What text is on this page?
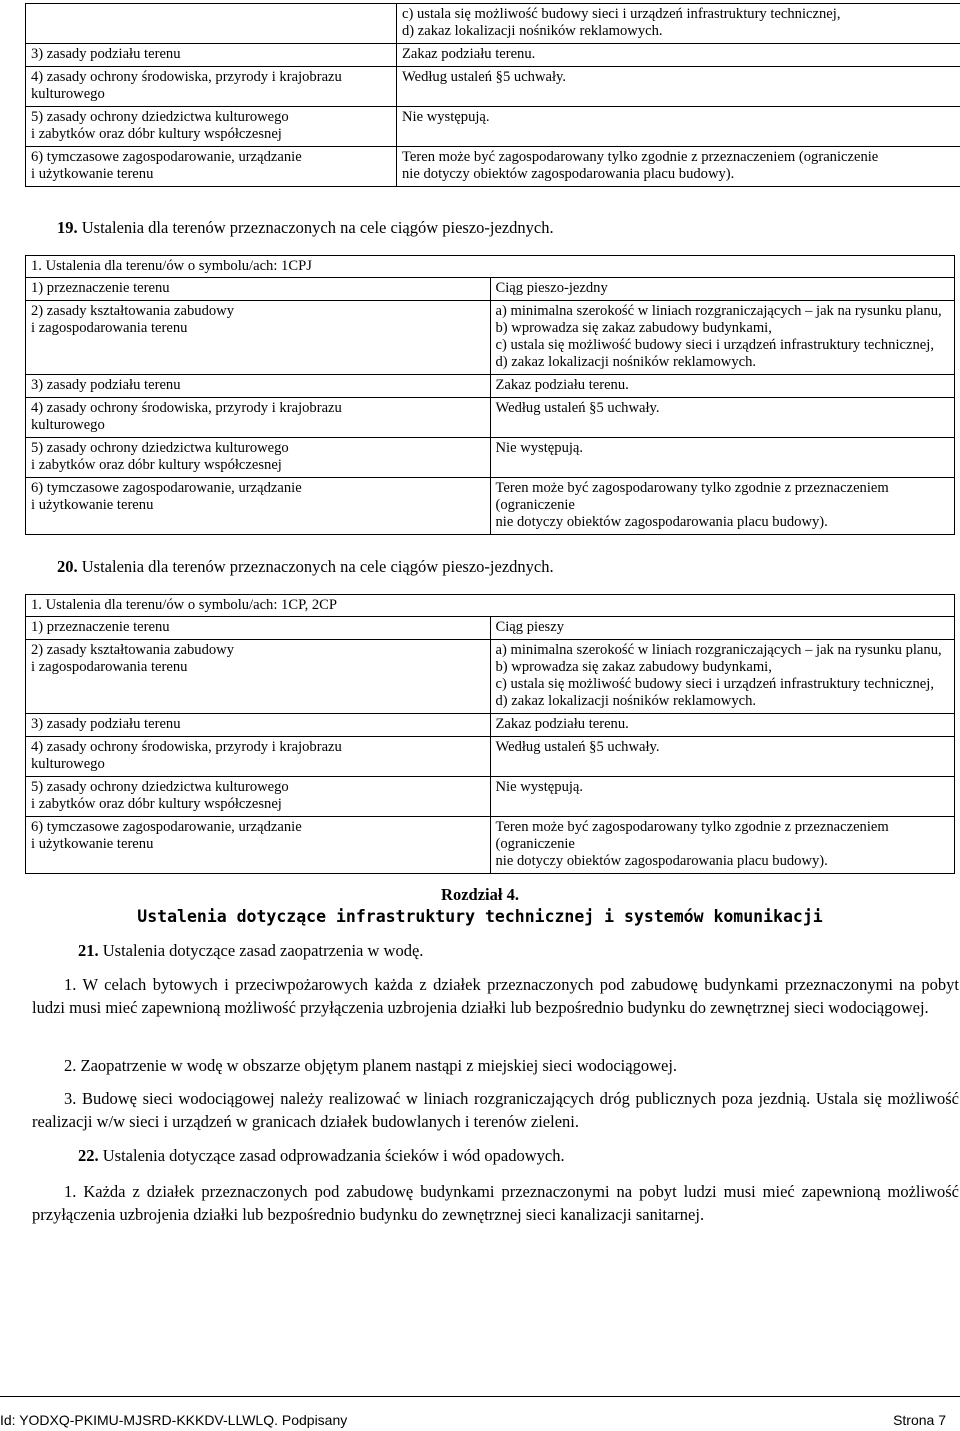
	c) ustala się możliwość budowy sieci i urządzeń infrastruktury technicznej,
d) zakaz lokalizacji nośników reklamowych.

3) zasady podziału terenu	Zakaz podziału terenu.

4) zasady ochrony środowiska, przyrody i krajobrazu
kulturowego	Według ustaleń §5 uchwały.

5) zasady ochrony dziedzictwa kulturowego
i zabytków oraz dóbr kultury współczesnej	Nie występują.

6) tymczasowe zagospodarowanie, urządzanie
i użytkowanie terenu	Teren może być zagospodarowany tylko zgodnie z przeznaczeniem (ograniczenie
nie dotyczy obiektów zagospodarowania placu budowy).
19. Ustalenia dla terenów przeznaczonych na cele ciągów pieszo-jezdnych.
1. Ustalenia dla terenu/ów o symbolu/ach: 1CPJ	
1) przeznaczenie terenu	Ciąg pieszo-jezdny

2) zasady kształtowania zabudowy
i zagospodarowania terenu	a) minimalna szerokość w liniach rozgraniczających – jak na rysunku planu,
b) wprowadza się zakaz zabudowy budynkami,
c) ustala się możliwość budowy sieci i urządzeń infrastruktury technicznej,
d) zakaz lokalizacji nośników reklamowych.

3) zasady podziału terenu	Zakaz podziału terenu.

4) zasady ochrony środowiska, przyrody i krajobrazu
kulturowego	Według ustaleń §5 uchwały.

5) zasady ochrony dziedzictwa kulturowego
i zabytków oraz dóbr kultury współczesnej	Nie występują.

6) tymczasowe zagospodarowanie, urządzanie
i użytkowanie terenu	Teren może być zagospodarowany tylko zgodnie z przeznaczeniem (ograniczenie
nie dotyczy obiektów zagospodarowania placu budowy).
20. Ustalenia dla terenów przeznaczonych na cele ciągów pieszo-jezdnych.
1. Ustalenia dla terenu/ów o symbolu/ach: 1CP, 2CP	
1) przeznaczenie terenu	Ciąg pieszy

2) zasady kształtowania zabudowy
i zagospodarowania terenu	a) minimalna szerokość w liniach rozgraniczających – jak na rysunku planu,
b) wprowadza się zakaz zabudowy budynkami,
c) ustala się możliwość budowy sieci i urządzeń infrastruktury technicznej,
d) zakaz lokalizacji nośników reklamowych.

3) zasady podziału terenu	Zakaz podziału terenu.

4) zasady ochrony środowiska, przyrody i krajobrazu
kulturowego	Według ustaleń §5 uchwały.

5) zasady ochrony dziedzictwa kulturowego
i zabytków oraz dóbr kultury współczesnej	Nie występują.

6) tymczasowe zagospodarowanie, urządzanie
i użytkowanie terenu	Teren może być zagospodarowany tylko zgodnie z przeznaczeniem (ograniczenie
nie dotyczy obiektów zagospodarowania placu budowy).
Rozdział 4.
Ustalenia dotyczące infrastruktury technicznej i systemów komunikacji
21. Ustalenia dotyczące zasad zaopatrzenia w wodę.
1. W celach bytowych i przeciwpożarowych każda z działek przeznaczonych pod zabudowę budynkami przeznaczonymi na pobyt ludzi musi mieć zapewnioną możliwość przyłączenia uzbrojenia działki lub bezpośrednio budynku do zewnętrznej sieci wodociągowej.
2. Zaopatrzenie w wodę w obszarze objętym planem nastąpi z miejskiej sieci wodociągowej.
3. Budowę sieci wodociągowej należy realizować w liniach rozgraniczających dróg publicznych poza jezdnią. Ustala się możliwość realizacji w/w sieci i urządzeń w granicach działek budowlanych i terenów zieleni.
22. Ustalenia dotyczące zasad odprowadzania ścieków i wód opadowych.
1. Każda z działek przeznaczonych pod zabudowę budynkami przeznaczonymi na pobyt ludzi musi mieć zapewnioną możliwość przyłączenia uzbrojenia działki lub bezpośrednio budynku do zewnętrznej sieci kanalizacji sanitarnej.
Id: YODXQ-PKIMU-MJSRD-KKKDV-LLWLQ. Podpisany	Strona 7
